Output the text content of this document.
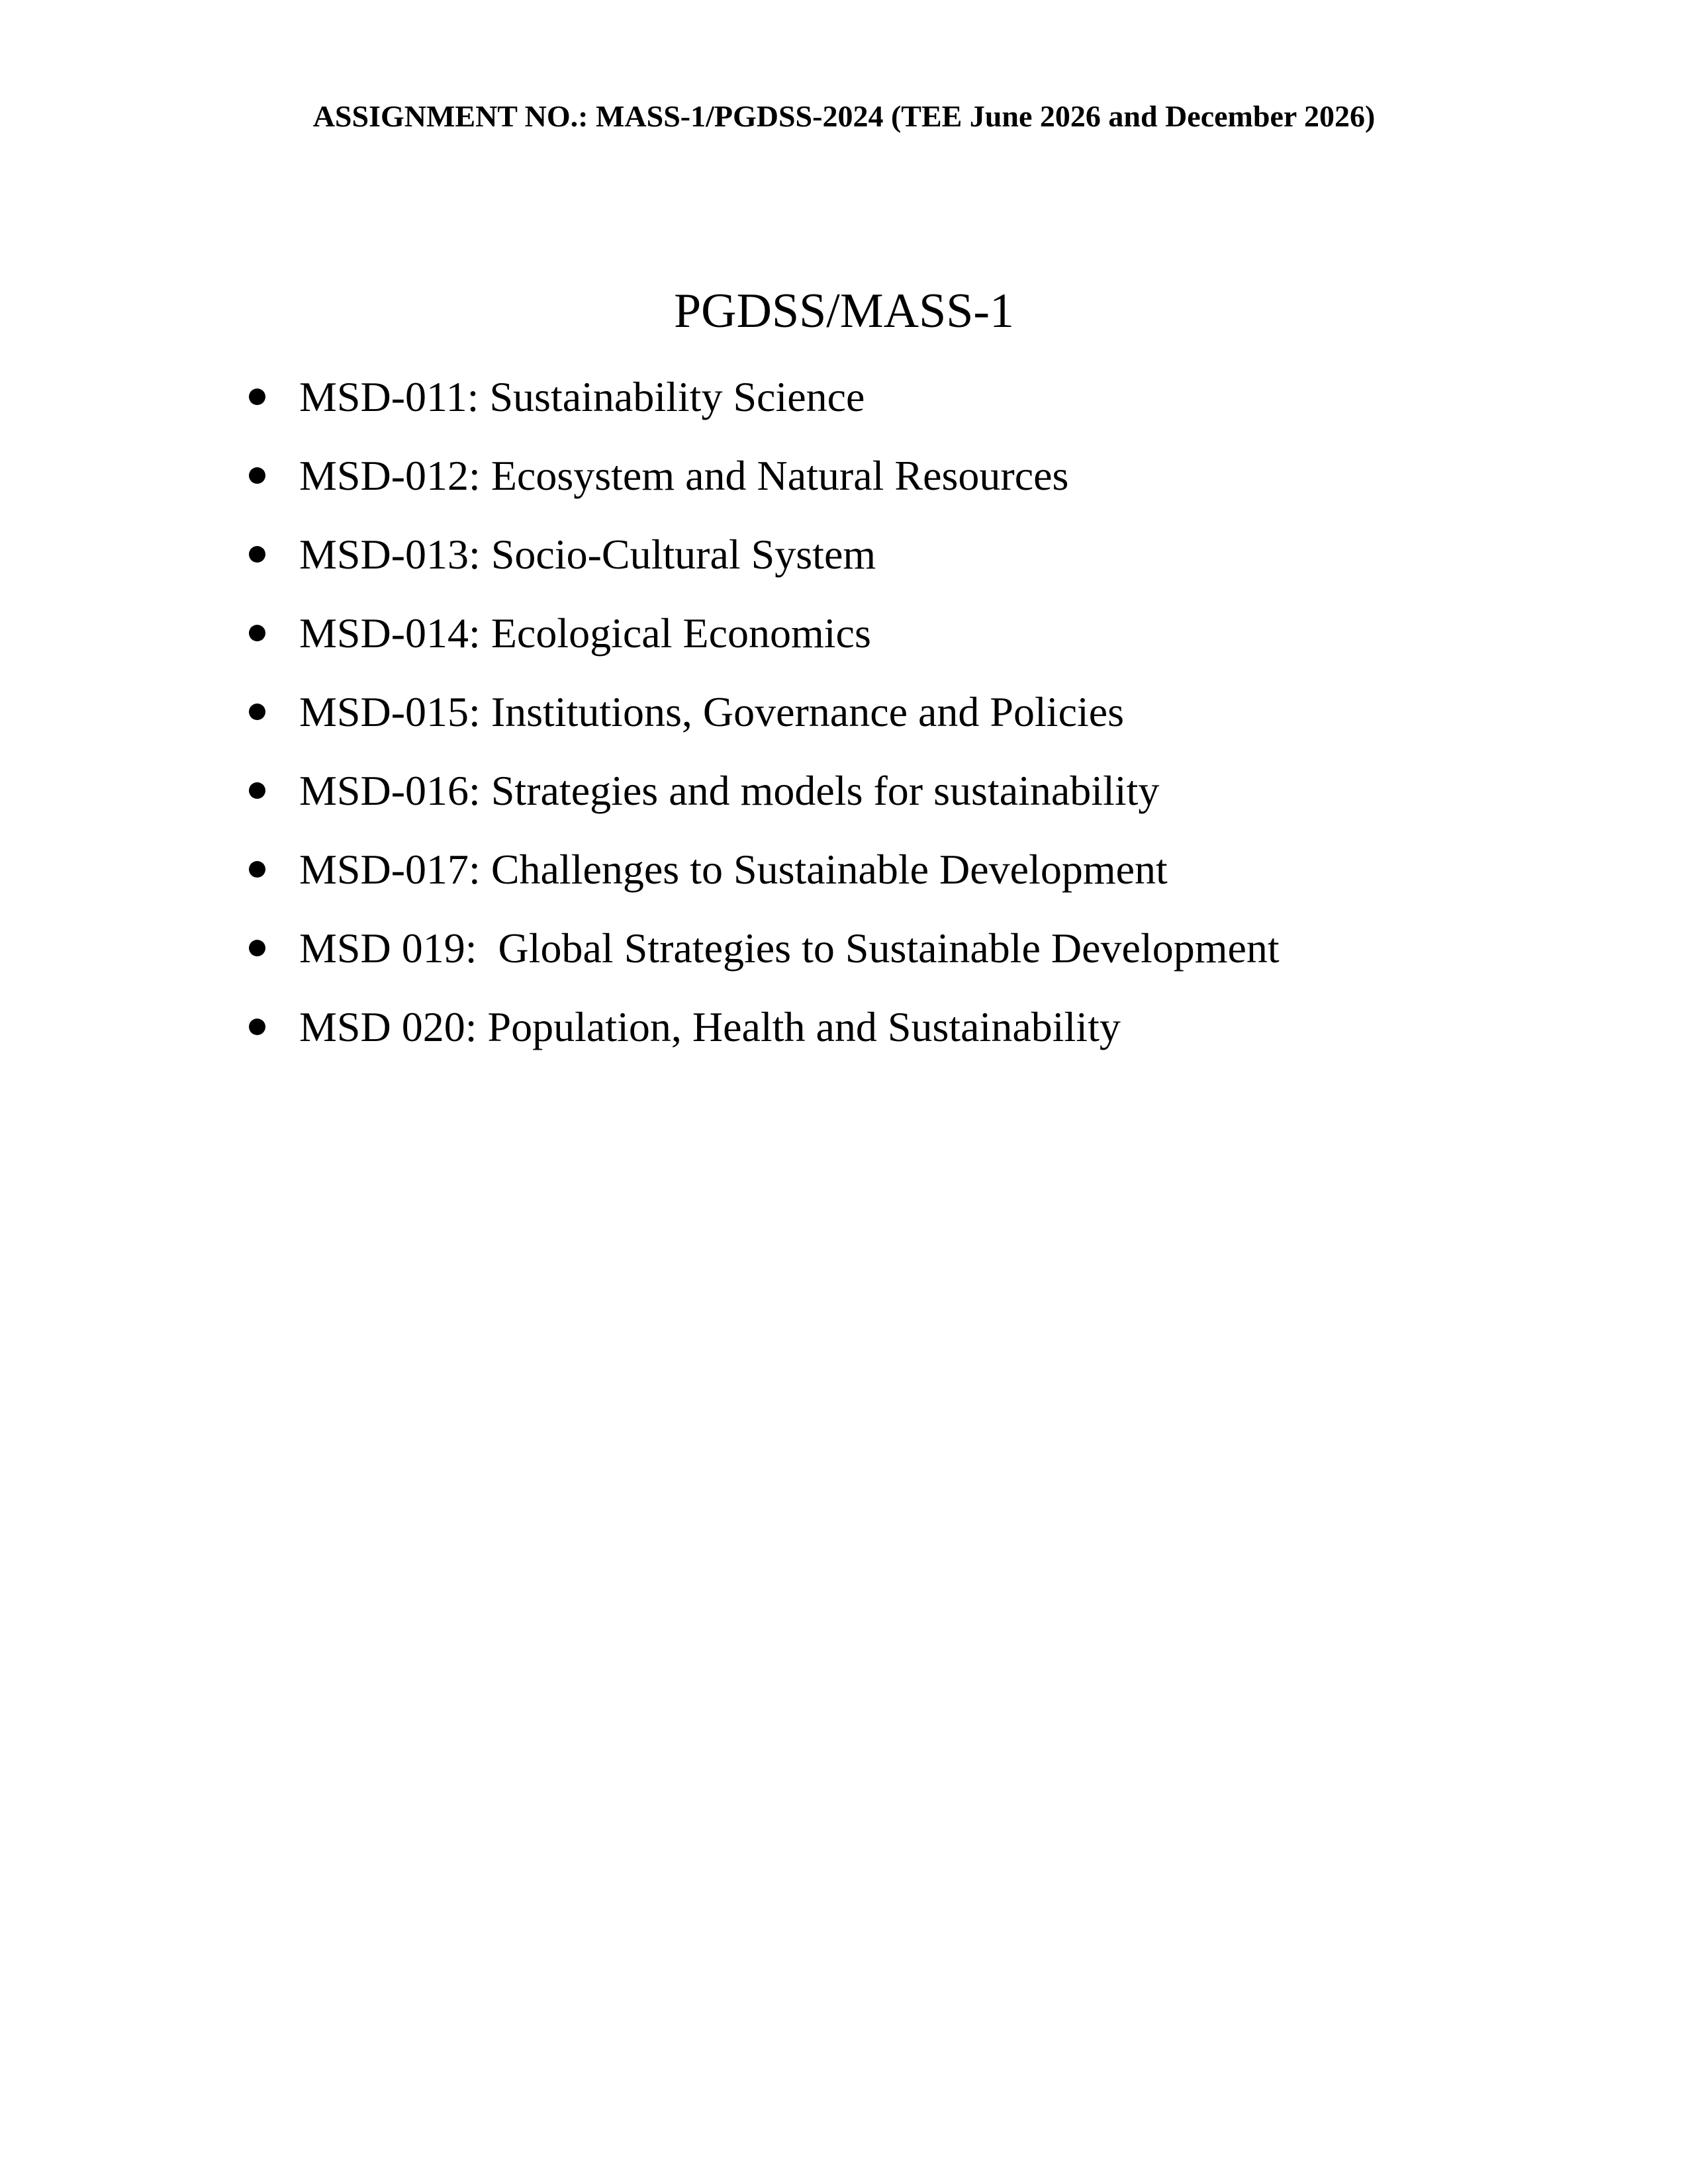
ASSIGNMENT NO.: MASS-1/PGDSS-2024 (TEE June 2026 and December 2026)
PGDSS/MASS-1
MSD-011: Sustainability Science
MSD-012: Ecosystem and Natural Resources
MSD-013: Socio-Cultural System
MSD-014: Ecological Economics
MSD-015: Institutions, Governance and Policies
MSD-016: Strategies and models for sustainability
MSD-017: Challenges to Sustainable Development
MSD 019:  Global Strategies to Sustainable Development
MSD 020: Population, Health and Sustainability
